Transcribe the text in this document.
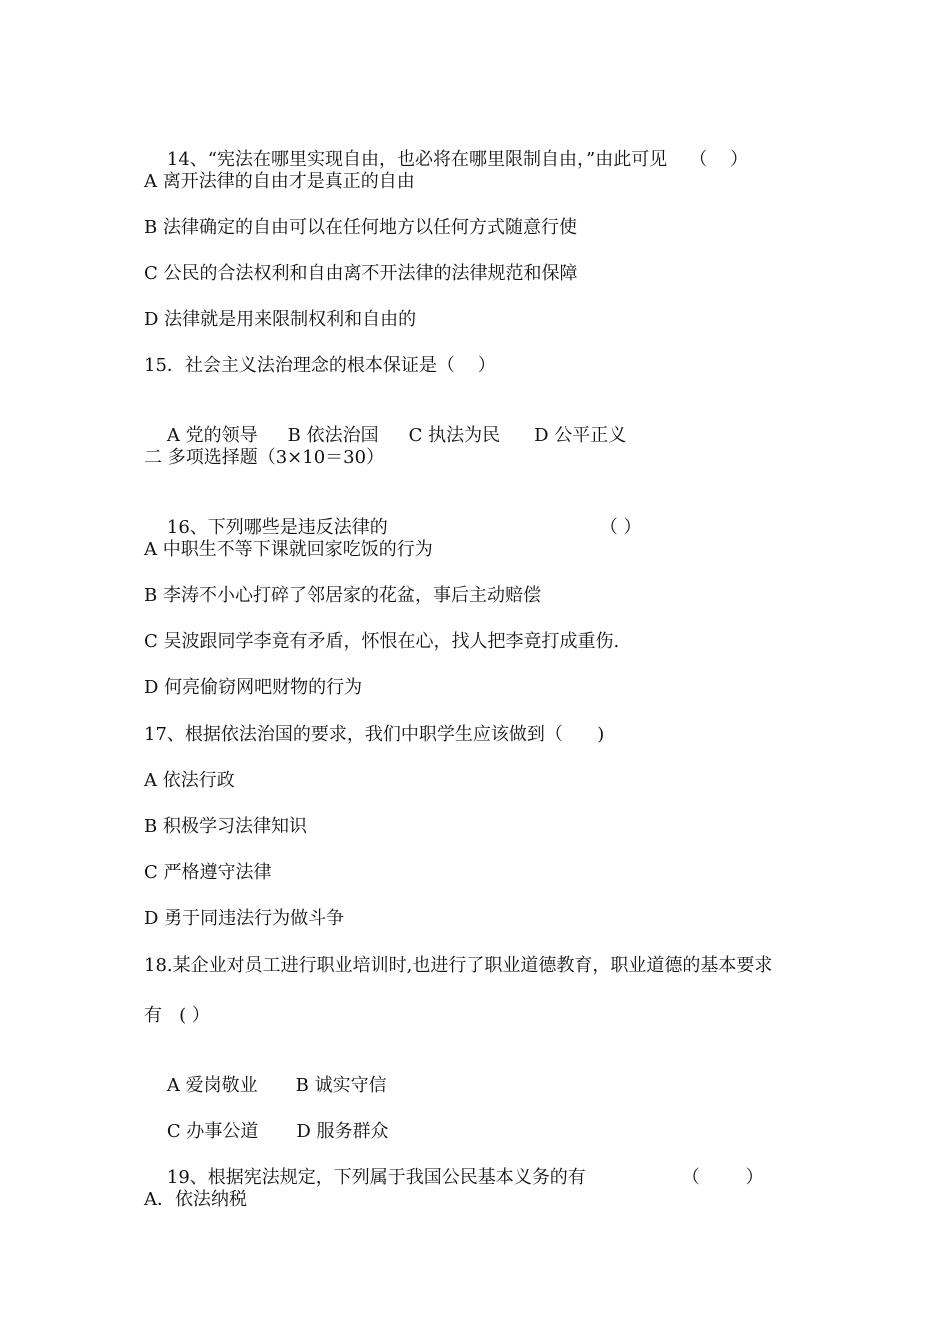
14、“宪法在哪里实现自由，也必将在哪里限制自由，”由此可见 （    ）

A 离开法律的自由才是真正的自由
B 法律确定的自由可以在任何地方以任何方式随意行使
C 公民的合法权利和自由离不开法律的法律规范和保障
D 法律就是用来限制权利和自由的
15．社会主义法治理念的根本保证是（    ）

A 党的领导 B 依法治国 C 执法为民 D 公平正义

二 多项选择题（3×10＝30）

16、下列哪些是违反法律的	（ ）

A 中职生不等下课就回家吃饭的行为
B 李涛不小心打碎了邻居家的花盆，事后主动赔偿
C 吴波跟同学李竟有矛盾，怀恨在心，找人把李竟打成重伤.
D 何亮偷窃网吧财物的行为
17、根据依法治国的要求，我们中职学生应该做到（      )
A 依法行政
B 积极学习法律知识
C 严格遵守法律
D 勇于同违法行为做斗争
18.某企业对员工进行职业培训时,也进行了职业道德教育，职业道德的基本要求
有   ( ）

A 爱岗敬业 B 诚实守信

C 办事公道 D 服务群众

19、根据宪法规定，下列属于我国公民基本义务的有	（        ）

A．依法纳税
